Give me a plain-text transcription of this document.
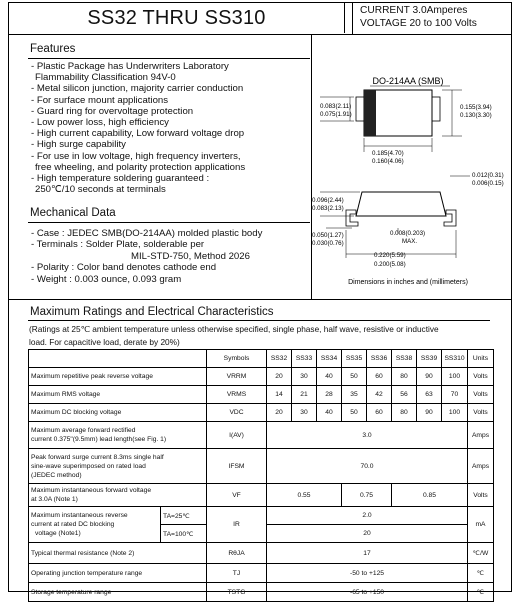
SS32 THRU SS310	CURRENT 3.0Amperes
VOLTAGE 20 to 100 Volts
Features
- Plastic Package has Underwriters Laboratory
Flammability Classification 94V-0
- Metal silicon junction, majority carrier conduction
- For surface mount applications
- Guard ring for overvoltage protection
- Low power loss, high efficiency
- High current capability, Low forward voltage drop
- High surge capability
- For use in low voltage, high frequency inverters,
free wheeling, and polarity protection applications
- High temperature soldering guaranteed :
250℃/10 seconds at terminals
Mechanical Data
- Case : JEDEC SMB(DO-214AA) molded plastic body
- Terminals : Solder Plate, solderable per
MIL-STD-750, Method 2026
- Polarity : Color band denotes cathode end
- Weight : 0.003 ounce, 0.093 gram
DO-214AA (SMB)
0.083(2.11)
0.075(1.91)
0.155(3.94)
0.130(3.30)
0.185(4.70)
0.160(4.06)
0.012(0.31)
0.006(0.15)
0.096(2.44)
0.083(2.13)
0.050(1.27)
0.030(0.76)
0.008(0.203)
MAX.
0.220(5.59)
0.200(5.08)
Dimensions in inches and (millimeters)
Maximum Ratings and Electrical Characteristics
(Ratings at 25℃ ambient temperature unless otherwise specified, single phase, half wave, resistive or inductive
load. For capacitive load, derate by 20%)
		Symbols	SS32	SS33	SS34	SS35	SS36	SS38	SS39	SS310	Units
Maximum repetitive peak reverse voltage		VRRM	20	30	40	50	60	80	90	100	Volts
Maximum RMS voltage		VRMS	14	21	28	35	42	56	63	70	Volts
Maximum DC blocking voltage		VDC	20	30	40	50	60	80	90	100	Volts

Maximum average forward rectified
current 0.375"(9.5mm) lead length(see Fig. 1)		I(AV)	3.0								Amps

Peak forward surge current 8.3ms single half
sine-wave superimposed on rated load
(JEDEC method)		IFSM	70.0								Amps

Maximum instantaneous forward voltage
at 3.0A (Note 1)		VF	0.55			0.75		0.85			Volts

Maximum instantaneous reverse
current at rated DC blocking
voltage (Note1)	TA=25℃	IR	2.0								mA
	TA=100℃		20								
Typical thermal resistance (Note 2)		RθJA	17								℃/W
Operating junction temperature range		TJ	-50 to +125								℃
Storage temperature range		TSTG	-65 to +150								℃
